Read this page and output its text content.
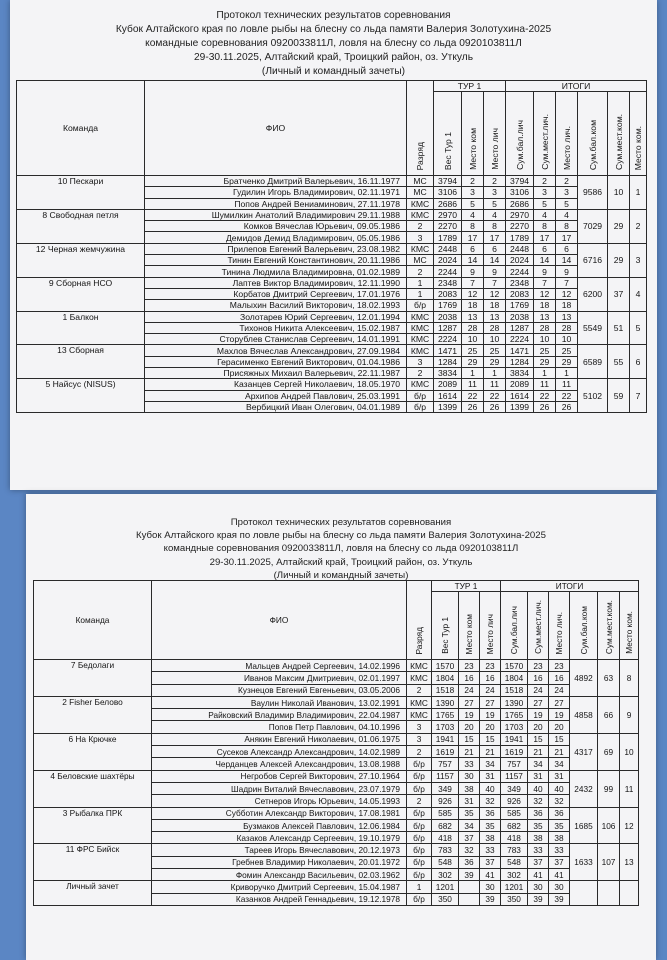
Протокол технических результатов соревнования
Кубок Алтайского края по ловле рыбы на блесну со льда памяти Валерия Золотухина-2025
командные соревнования 0920033811Л, ловля на блесну со льда 0920103811Л
29-30.11.2025, Алтайский край, Троицкий район, оз. Уткуль
(Личный и командный зачеты)
Команда	ФИО	Разряд	ТУР 1			ИТОГИ					
			Вес Тур 1	Место ком	Место лич	Сум.бал.лич	Сум.мест.лич.	Место лич.	Сум.бал.ком	Сум.мест.ком.	Место ком.
10 Пескари	Братченко Дмитрий Валерьевич, 16.11.1977	МС	3794	2	2	3794	2	2	9586	10	1
	Гудилин Игорь Владимирович, 02.11.1971	МС	3106	3	3	3106	3	3			
	Попов Андрей Вениаминович, 27.11.1978	КМС	2686	5	5	2686	5	5			
8 Свободная петля	Шумилкин Анатолий Владимирович 29.11.1988	КМС	2970	4	4	2970	4	4	7029	29	2
	Комков Вячеслав Юрьевич, 09.05.1986	2	2270	8	8	2270	8	8			
	Демидов Демид Владимирович, 05.05.1986	3	1789	17	17	1789	17	17			
12 Черная жемчужина	Прилепов Евгений Валерьевич, 23.08.1982	КМС	2448	6	6	2448	6	6	6716	29	3
	Тинин Евгений Константинович, 20.11.1986	МС	2024	14	14	2024	14	14			
	Тинина Людмила Владимировна, 01.02.1989	2	2244	9	9	2244	9	9			
9 Сборная НСО	Лаптев Виктор Владимирович, 12.11.1990	1	2348	7	7	2348	7	7	6200	37	4
	Корбатов Дмитрий Сергеевич, 17.01.1976	1	2083	12	12	2083	12	12			
	Малыхин Василий Викторович, 18.02.1993	б/р	1769	18	18	1769	18	18			
1 Балкон	Золотарев Юрий Сергеевич, 12.01.1994	КМС	2038	13	13	2038	13	13	5549	51	5
	Тихонов Никита Алексеевич, 15.02.1987	КМС	1287	28	28	1287	28	28			
	Сторублев Станислав Сергеевич, 14.01.1991	КМС	2224	10	10	2224	10	10			
13 Сборная	Махлов Вячеслав Александрович, 27.09.1984	КМС	1471	25	25	1471	25	25	6589	55	6
	Герасименко Евгений Викторович, 01.04.1986	3	1284	29	29	1284	29	29			
	Присяжных Михаил Валерьевич, 22.11.1987	2	3834	1	1	3834	1	1			
5 Найсус (NISUS)	Казанцев Сергей Николаевич, 18.05.1970	КМС	2089	11	11	2089	11	11	5102	59	7
	Архипов Андрей Павлович, 25.03.1991	б/р	1614	22	22	1614	22	22			
	Вербицкий Иван Олегович, 04.01.1989	б/р	1399	26	26	1399	26	26			
Протокол технических результатов соревнования
Кубок Алтайского края по ловле рыбы на блесну со льда памяти Валерия Золотухина-2025
командные соревнования 0920033811Л, ловля на блесну со льда 0920103811Л
29-30.11.2025, Алтайский край, Троицкий район, оз. Уткуль
(Личный и командный зачеты)
Команда	ФИО	Разряд	ТУР 1			ИТОГИ					
			Вес Тур 1	Место ком	Место лич	Сум.бал.лич	Сум.мест.лич.	Место лич.	Сум.бал.ком	Сум.мест.ком.	Место ком.
7 Бедолаги	Мальцев Андрей Сергеевич, 14.02.1996	КМС	1570	23	23	1570	23	23	4892	63	8
	Иванов Максим Дмитриевич, 02.01.1997	КМС	1804	16	16	1804	16	16			
	Кузнецов Евгений Евгеньевич, 03.05.2006	2	1518	24	24	1518	24	24			
2 Fisher Белово	Ваулин Николай Иванович, 13.02.1991	КМС	1390	27	27	1390	27	27	4858	66	9
	Райковский Владимир Владимирович, 22.04.1987	КМС	1765	19	19	1765	19	19			
	Попов Петр Павлович, 04.10.1996	3	1703	20	20	1703	20	20			
6 На Крючке	Анякин Евгений Николаевич, 01.06.1975	3	1941	15	15	1941	15	15	4317	69	10
	Сусеков Александр Александрович, 14.02.1989	2	1619	21	21	1619	21	21			
	Черданцев Алексей Александрович, 13.08.1988	б/р	757	33	34	757	34	34			
4 Беловские шахтёры	Негробов Сергей Викторович, 27.10.1964	б/р	1157	30	31	1157	31	31	2432	99	11
	Шадрин Виталий Вячеславович, 23.07.1979	б/р	349	38	40	349	40	40			
	Сетнеров Игорь Юрьевич, 14.05.1993	2	926	31	32	926	32	32			
3 Рыбалка ПРК	Субботин Александр Викторович, 17.08.1981	б/р	585	35	36	585	36	36	1685	106	12
	Бузмаков Алексей Павлович, 12.06.1984	б/р	682	34	35	682	35	35			
	Казаков Александр Сергеевич, 19.10.1979	б/р	418	37	38	418	38	38			
11 ФРС Бийск	Тареев Игорь Вячеславович, 20.12.1973	б/р	783	32	33	783	33	33	1633	107	13
	Гребнев Владимир Николаевич, 20.01.1972	б/р	548	36	37	548	37	37			
	Фомин Александр Васильевич, 02.03.1962	б/р	302	39	41	302	41	41			
Личный зачет	Криворучко Дмитрий Сергеевич, 15.04.1987	1	1201		30	1201	30	30			
	Казанков Андрей Геннадьевич, 19.12.1978	б/р	350		39	350	39	39			
